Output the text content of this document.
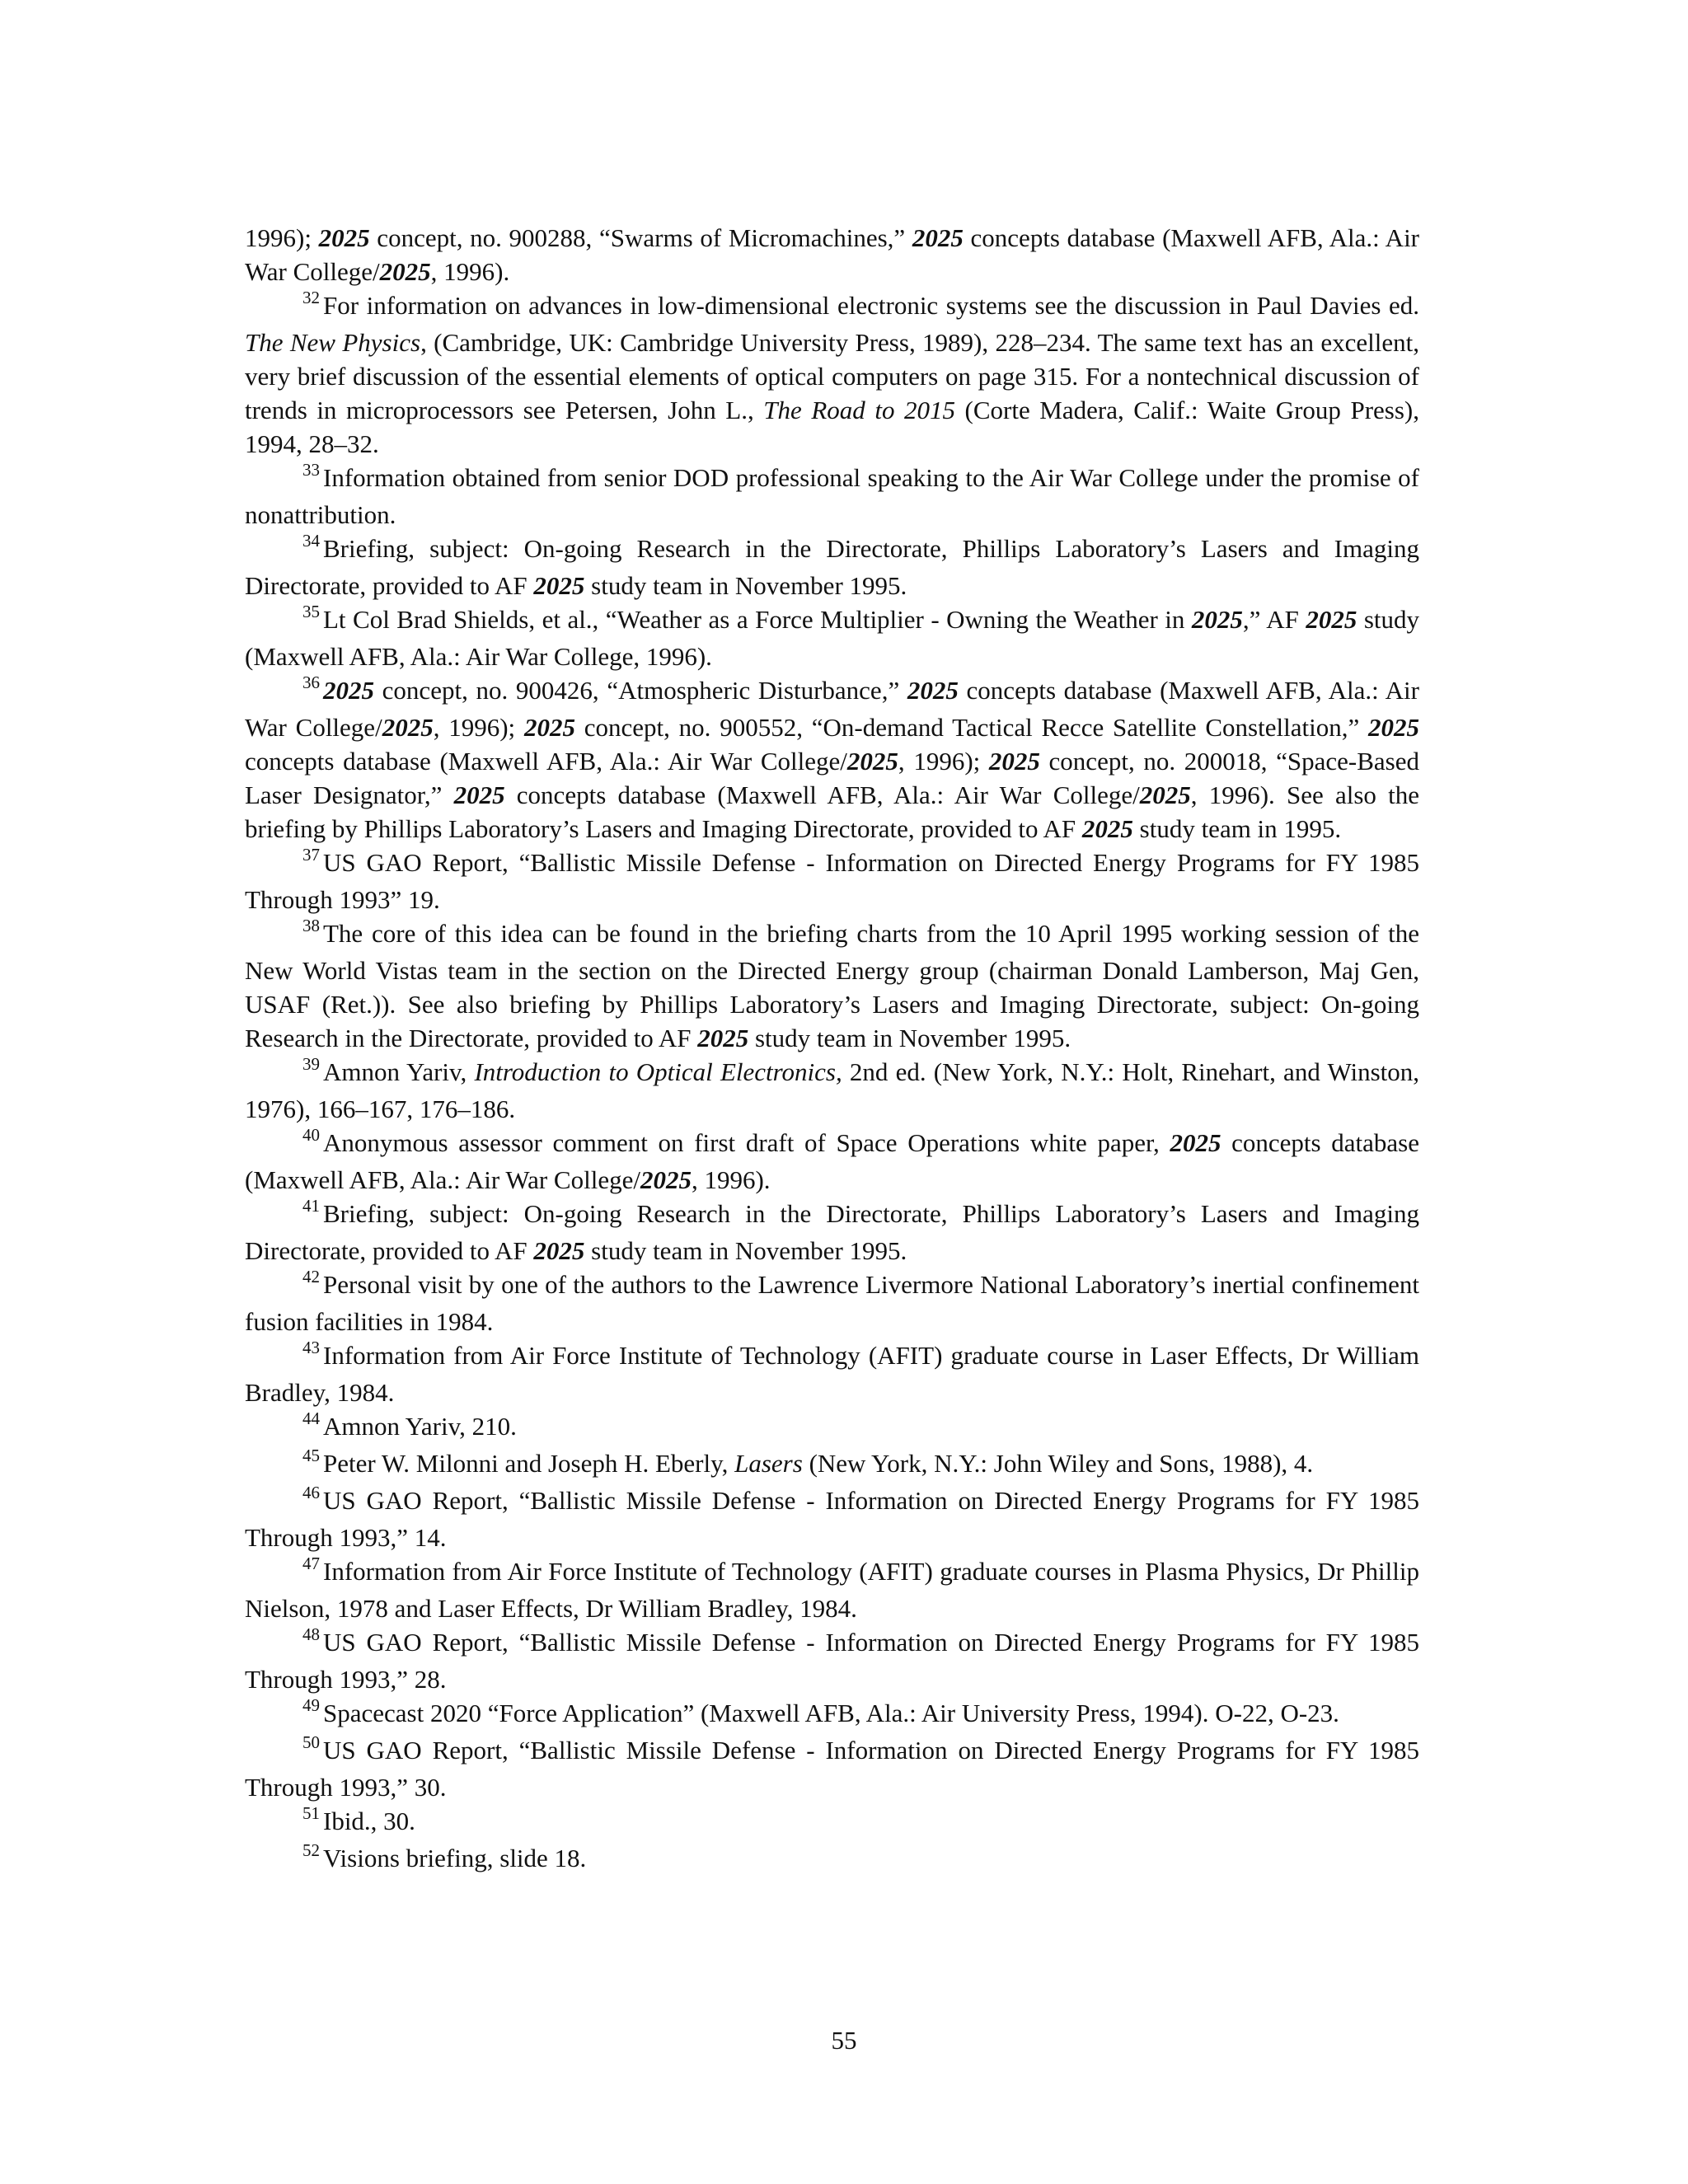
1996); 2025 concept, no. 900288, “Swarms of Micromachines,” 2025 concepts database (Maxwell AFB, Ala.: Air War College/2025, 1996).

$^{32}$ For information on advances in low-dimensional electronic systems see the discussion in Paul Davies ed. The New Physics, (Cambridge, UK: Cambridge University Press, 1989), 228–234. The same text has an excellent, very brief discussion of the essential elements of optical computers on page 315. For a nontechnical discussion of trends in microprocessors see Petersen, John L., The Road to 2015 (Corte Madera, Calif.: Waite Group Press), 1994, 28–32.

$^{33}$ Information obtained from senior DOD professional speaking to the Air War College under the promise of nonattribution.

$^{34}$ Briefing, subject: On-going Research in the Directorate, Phillips Laboratory’s Lasers and Imaging Directorate, provided to AF 2025 study team in November 1995.

$^{35}$ Lt Col Brad Shields, et al., “Weather as a Force Multiplier - Owning the Weather in 2025,” AF 2025 study (Maxwell AFB, Ala.: Air War College, 1996).

$^{36}$ 2025 concept, no. 900426, “Atmospheric Disturbance,” 2025 concepts database (Maxwell AFB, Ala.: Air War College/2025, 1996); 2025 concept, no. 900552, “On-demand Tactical Recce Satellite Constellation,” 2025 concepts database (Maxwell AFB, Ala.: Air War College/2025, 1996); 2025 concept, no. 200018, “Space-Based Laser Designator,” 2025 concepts database (Maxwell AFB, Ala.: Air War College/2025, 1996). See also the briefing by Phillips Laboratory’s Lasers and Imaging Directorate, provided to AF 2025 study team in 1995.

$^{37}$ US GAO Report, “Ballistic Missile Defense - Information on Directed Energy Programs for FY 1985 Through 1993” 19.

$^{38}$ The core of this idea can be found in the briefing charts from the 10 April 1995 working session of the New World Vistas team in the section on the Directed Energy group (chairman Donald Lamberson, Maj Gen, USAF (Ret.)). See also briefing by Phillips Laboratory’s Lasers and Imaging Directorate, subject: On-going Research in the Directorate, provided to AF 2025 study team in November 1995.

$^{39}$ Amnon Yariv, Introduction to Optical Electronics, 2nd ed. (New York, N.Y.: Holt, Rinehart, and Winston, 1976), 166–167, 176–186.

$^{40}$ Anonymous assessor comment on first draft of Space Operations white paper, 2025 concepts database (Maxwell AFB, Ala.: Air War College/2025, 1996).

$^{41}$ Briefing, subject: On-going Research in the Directorate, Phillips Laboratory’s Lasers and Imaging Directorate, provided to AF 2025 study team in November 1995.

$^{42}$ Personal visit by one of the authors to the Lawrence Livermore National Laboratory’s inertial confinement fusion facilities in 1984.

$^{43}$ Information from Air Force Institute of Technology (AFIT) graduate course in Laser Effects, Dr William Bradley, 1984.

$^{44}$ Amnon Yariv, 210.

$^{45}$ Peter W. Milonni and Joseph H. Eberly, Lasers (New York, N.Y.: John Wiley and Sons, 1988), 4.

$^{46}$ US GAO Report, “Ballistic Missile Defense - Information on Directed Energy Programs for FY 1985 Through 1993,” 14.

$^{47}$ Information from Air Force Institute of Technology (AFIT) graduate courses in Plasma Physics, Dr Phillip Nielson, 1978 and Laser Effects, Dr William Bradley, 1984.

$^{48}$ US GAO Report, “Ballistic Missile Defense - Information on Directed Energy Programs for FY 1985 Through 1993,” 28.

$^{49}$ Spacecast 2020 “Force Application” (Maxwell AFB, Ala.: Air University Press, 1994). O-22, O-23.

$^{50}$ US GAO Report, “Ballistic Missile Defense - Information on Directed Energy Programs for FY 1985 Through 1993,” 30.

$^{51}$ Ibid., 30.

$^{52}$ Visions briefing, slide 18.

55
